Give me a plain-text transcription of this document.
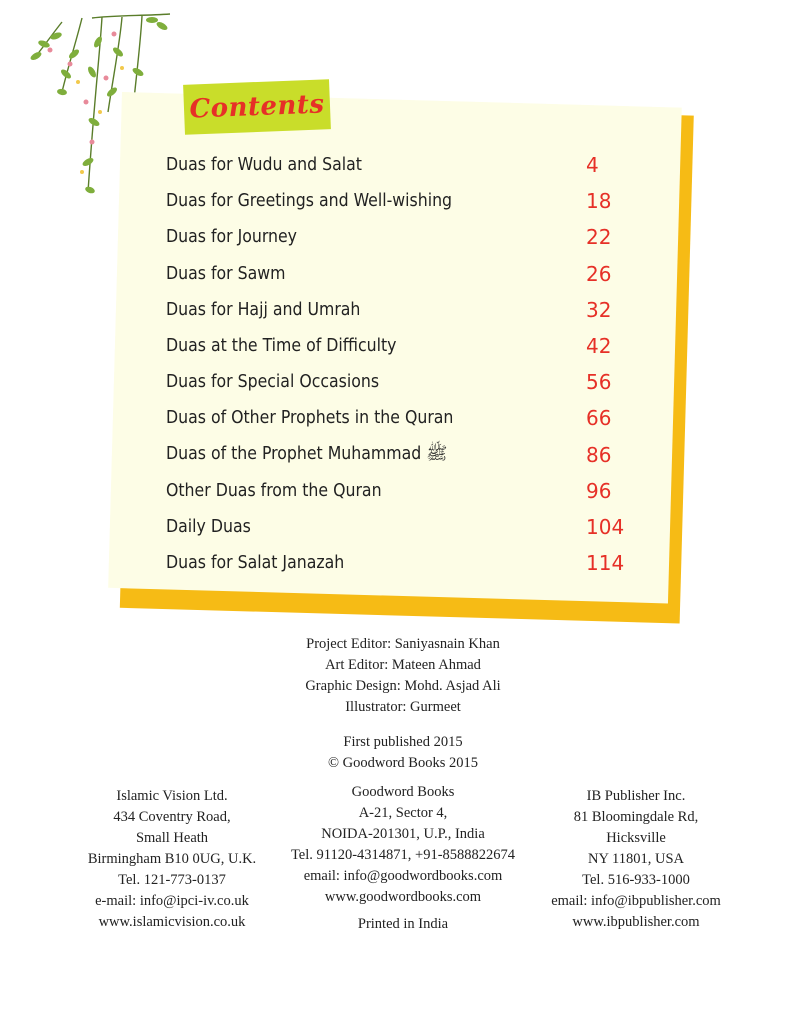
Contents
Duas for Wudu and Salat	4
Duas for Greetings and Well-wishing	18
Duas for Journey	22
Duas for Sawm	26
Duas for Hajj and Umrah	32
Duas at the Time of Difficulty	42
Duas for Special Occasions	56
Duas of Other Prophets in the Quran	66
Duas of the Prophet Muhammad ﷺ	86
Other Duas from the Quran	96
Daily Duas	104
Duas for Salat Janazah	114
Project Editor: Saniyasnain Khan
Art Editor: Mateen Ahmad
Graphic Design: Mohd. Asjad Ali
Illustrator: Gurmeet
First published 2015
© Goodword Books 2015
Islamic Vision Ltd.
434 Coventry Road,
Small Heath
Birmingham B10 0UG, U.K.
Tel. 121-773-0137
e-mail: info@ipci-iv.co.uk
www.islamicvision.co.uk
Goodword Books
A-21, Sector 4,
NOIDA-201301, U.P., India
Tel. 91120-4314871, +91-8588822674
email: info@goodwordbooks.com
www.goodwordbooks.com
IB Publisher Inc.
81 Bloomingdale Rd,
Hicksville
NY 11801, USA
Tel. 516-933-1000
email: info@ibpublisher.com
www.ibpublisher.com
Printed in India
